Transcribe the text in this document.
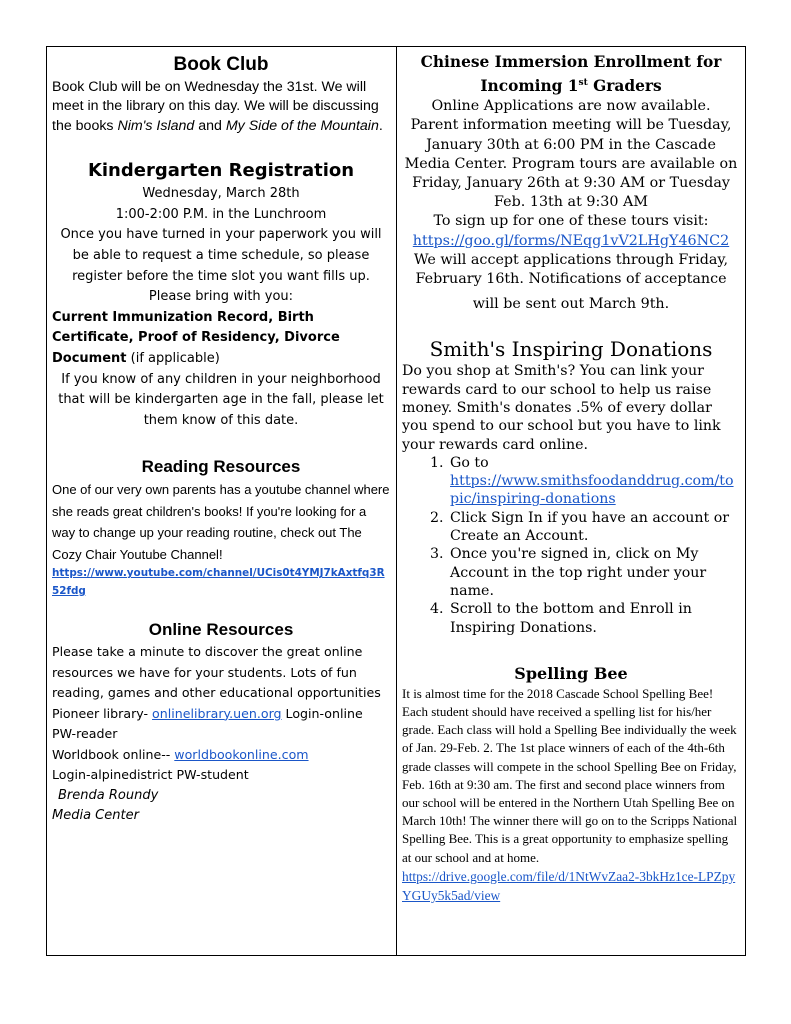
Book Club

Book Club will be on Wednesday the 31st. We will meet in the library on this day. We will be discussing the books Nim's Island and My Side of the Mountain.

Kindergarten Registration

Wednesday, March 28th

1:00-2:00 P.M. in the Lunchroom

Once you have turned in your paperwork you will be able to request a time schedule, so please register before the time slot you want fills up.

Please bring with you:

Current Immunization Record, Birth Certificate, Proof of Residency, Divorce Document (if applicable)

If you know of any children in your neighborhood that will be kindergarten age in the fall, please let them know of this date.

Reading Resources

One of our very own parents has a youtube channel where she reads great children's books! If you're looking for a way to change up your reading routine, check out The Cozy Chair Youtube Channel!

https://www.youtube.com/channel/UCis0t4YMJ7kAxtfq3R52fdg

Online Resources

Please take a minute to discover the great online resources we have for your students. Lots of fun reading, games and other educational opportunities

Pioneer library- onlinelibrary.uen.org Login-online PW-reader

Worldbook online-- worldbookonline.com

Login-alpinedistrict PW-student

Brenda Roundy

Media Center

Chinese Immersion Enrollment for
Incoming 1st Graders

Online Applications are now available.

Parent information meeting will be Tuesday, January 30th at 6:00 PM in the Cascade Media Center. Program tours are available on Friday, January 26th at 9:30 AM or Tuesday Feb. 13th at 9:30 AM

To sign up for one of these tours visit:

https://goo.gl/forms/NEqg1vV2LHgY46NC2

We will accept applications through Friday, February 16th. Notifications of acceptance

will be sent out March 9th.

Smith's Inspiring Donations

Do you shop at Smith's? You can link your rewards card to our school to help us raise money. Smith's donates .5% of every dollar you spend to our school but you have to link your rewards card online.

1. Go to
https://www.smithsfoodanddrug.com/topic/inspiring-donations
2. Click Sign In if you have an account or Create an Account.
3. Once you're signed in, click on My Account in the top right under your name.
4. Scroll to the bottom and Enroll in Inspiring Donations.
Spelling Bee

It is almost time for the 2018 Cascade School Spelling Bee! Each student should have received a spelling list for his/her grade. Each class will hold a Spelling Bee individually the week of Jan. 29-Feb. 2. The 1st place winners of each of the 4th-6th grade classes will compete in the school Spelling Bee on Friday, Feb. 16th at 9:30 am. The first and second place winners from our school will be entered in the Northern Utah Spelling Bee on March 10th! The winner there will go on to the Scripps National Spelling Bee. This is a great opportunity to emphasize spelling at our school and at home.

https://drive.google.com/file/d/1NtWvZaa2-3bkHz1ce-LPZpyYGUy5k5ad/view
